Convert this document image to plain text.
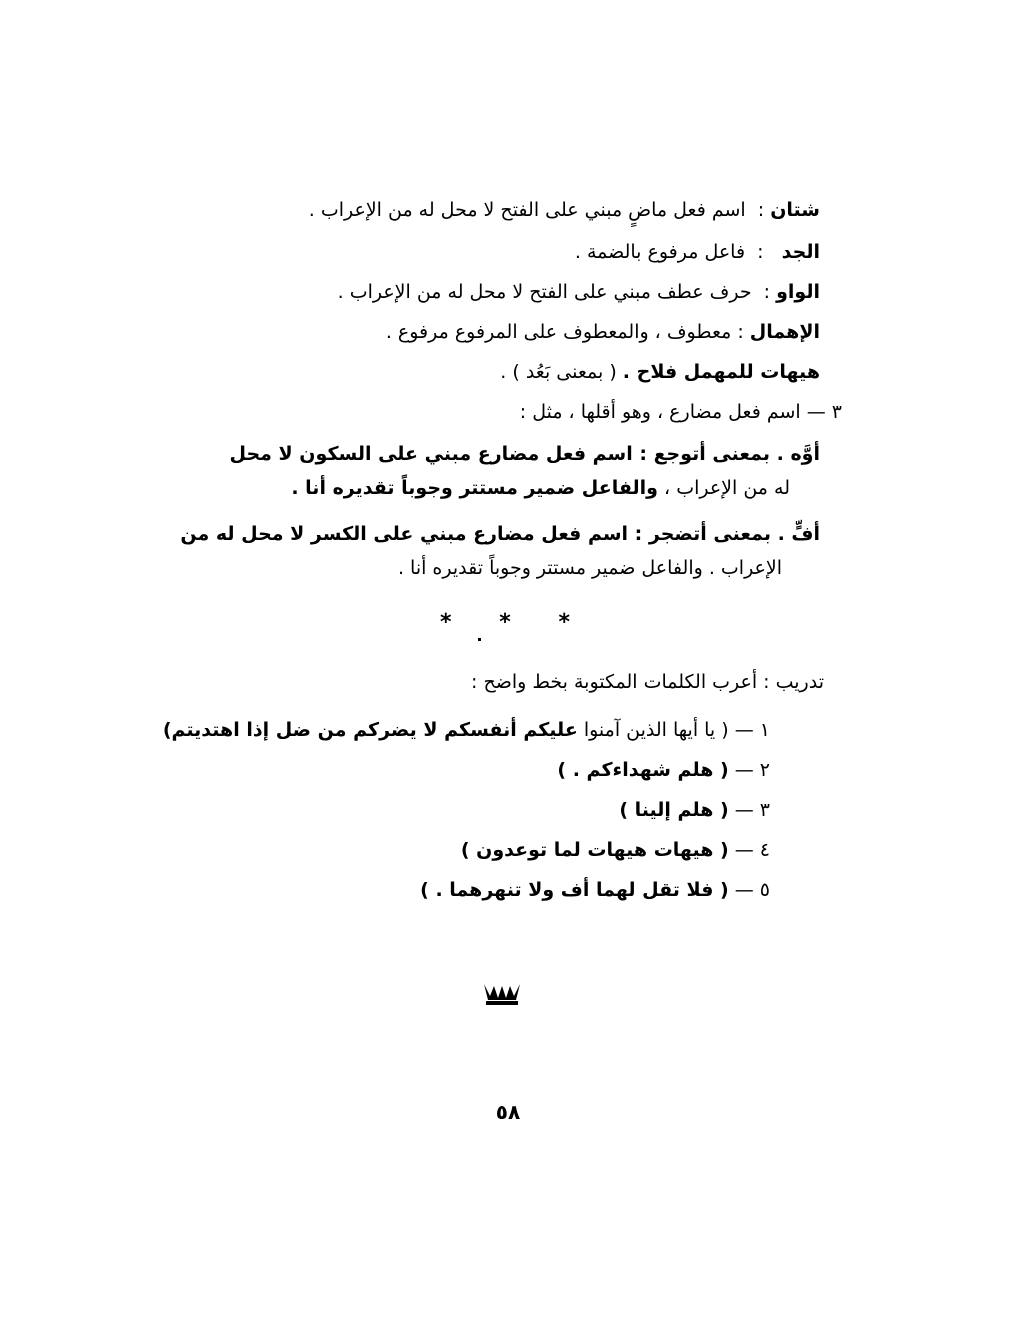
شتان :  اسم فعل ماضٍ مبني على الفتح لا محل له من الإعراب .
الجد   :  فاعل مرفوع بالضمة .
الواو :  حرف عطف مبني على الفتح لا محل له من الإعراب .
الإهمال : معطوف ، والمعطوف على المرفوع مرفوع .
هيهات للمهمل فلاح . ( بمعنى بَعُد ) .
٣ — اسم فعل مضارع ، وهو أقلها ، مثل :
أوَّه . بمعنى أتوجع : اسم فعل مضارع مبني على السكون لا محل
له من الإعراب ، والفاعل ضمير مستتر وجوباً تقديره أنا .
أفٍّ . بمعنى أتضجر : اسم فعل مضارع مبني على الكسر لا محل له من
الإعراب . والفاعل ضمير مستتر وجوباً تقديره أنا .
* * *
تدريب : أعرب الكلمات المكتوبة بخط واضح :
١ — ( يا أيها الذين آمنوا عليكم أنفسكم لا يضركم من ضل إذا اهتديتم)
٢ — ( هلم شهداءكم . )
٣ — ( هلم إلينا )
٤ — ( هيهات هيهات لما توعدون )
٥ — ( فلا تقل لهما أف ولا تنهرهما . )
٥٨
